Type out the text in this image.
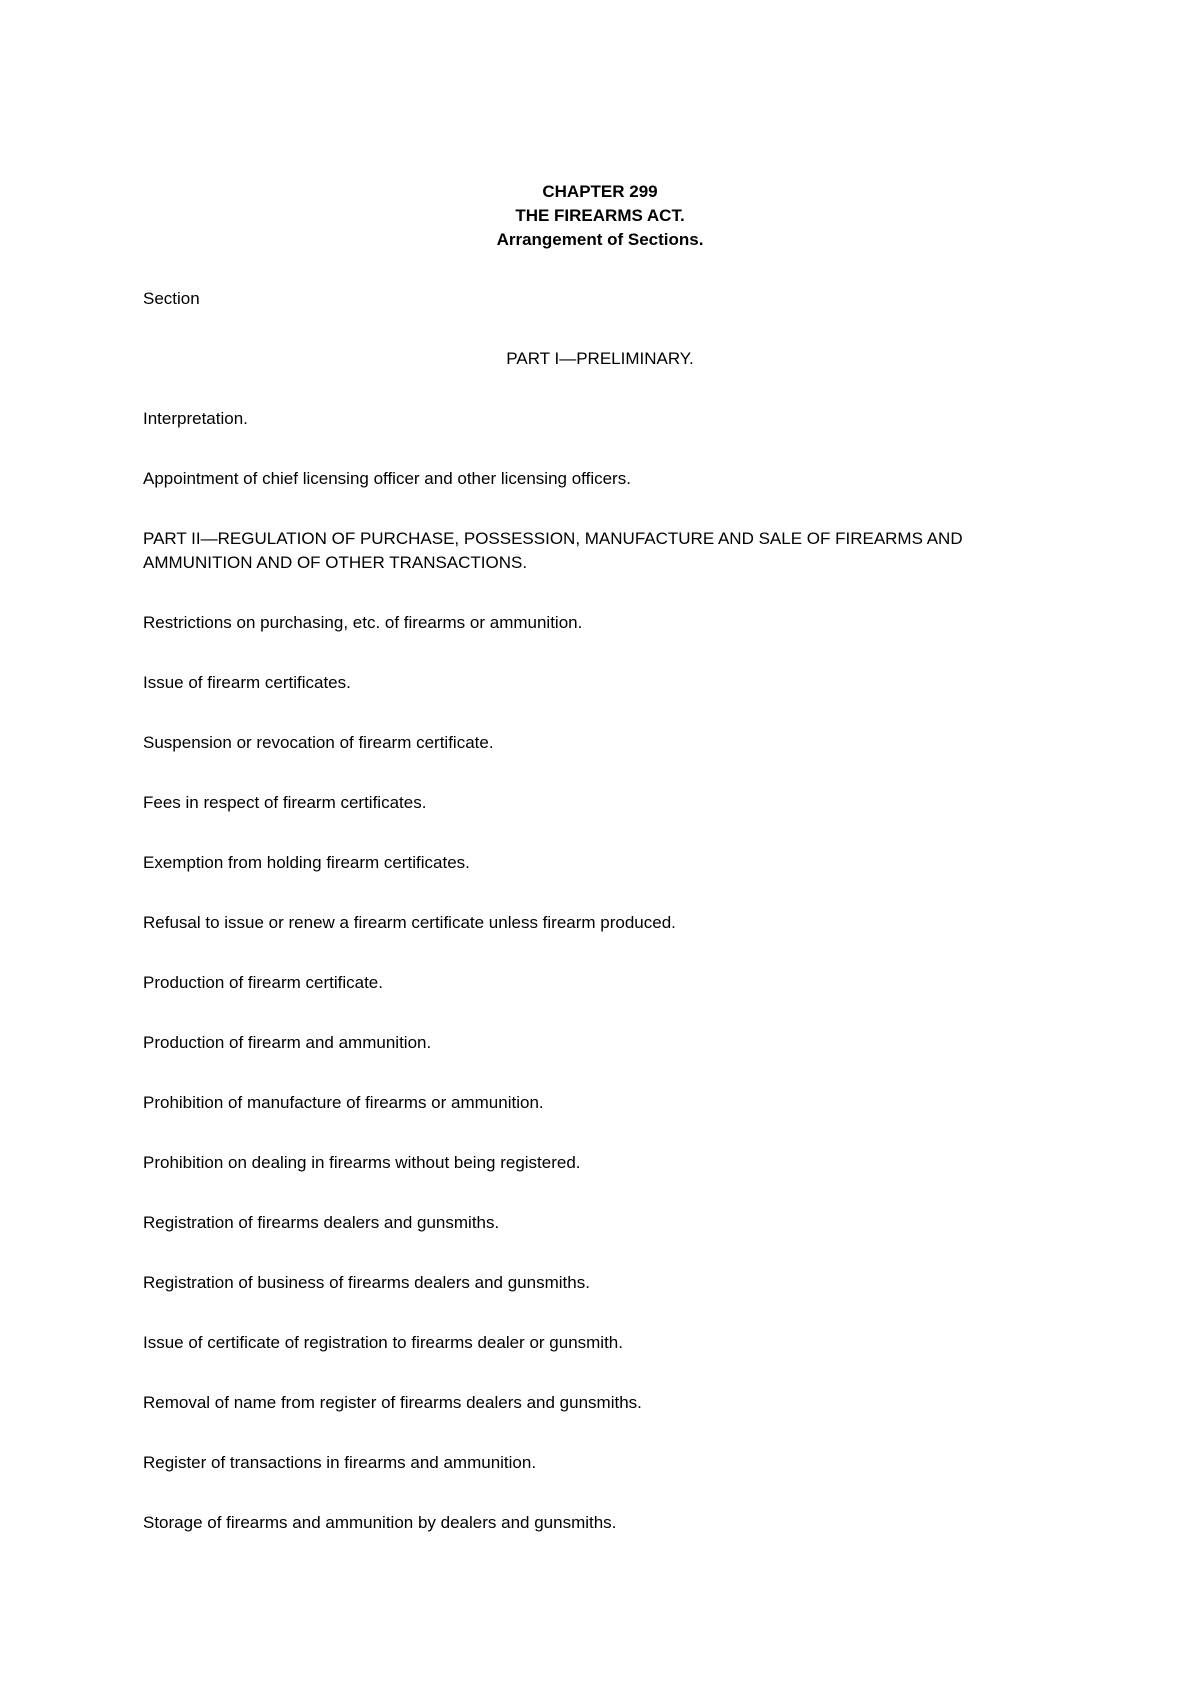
CHAPTER 299
THE FIREARMS ACT.
Arrangement of Sections.
Section
PART I—PRELIMINARY.

Interpretation.

Appointment of chief licensing officer and other licensing officers.

PART II—REGULATION OF PURCHASE, POSSESSION, MANUFACTURE AND SALE OF FIREARMS AND AMMUNITION AND OF OTHER TRANSACTIONS.

Restrictions on purchasing, etc. of firearms or ammunition.

Issue of firearm certificates.

Suspension or revocation of firearm certificate.

Fees in respect of firearm certificates.

Exemption from holding firearm certificates.

Refusal to issue or renew a firearm certificate unless firearm produced.

Production of firearm certificate.

Production of firearm and ammunition.

Prohibition of manufacture of firearms or ammunition.

Prohibition on dealing in firearms without being registered.

Registration of firearms dealers and gunsmiths.

Registration of business of firearms dealers and gunsmiths.

Issue of certificate of registration to firearms dealer or gunsmith.

Removal of name from register of firearms dealers and gunsmiths.

Register of transactions in firearms and ammunition.

Storage of firearms and ammunition by dealers and gunsmiths.
